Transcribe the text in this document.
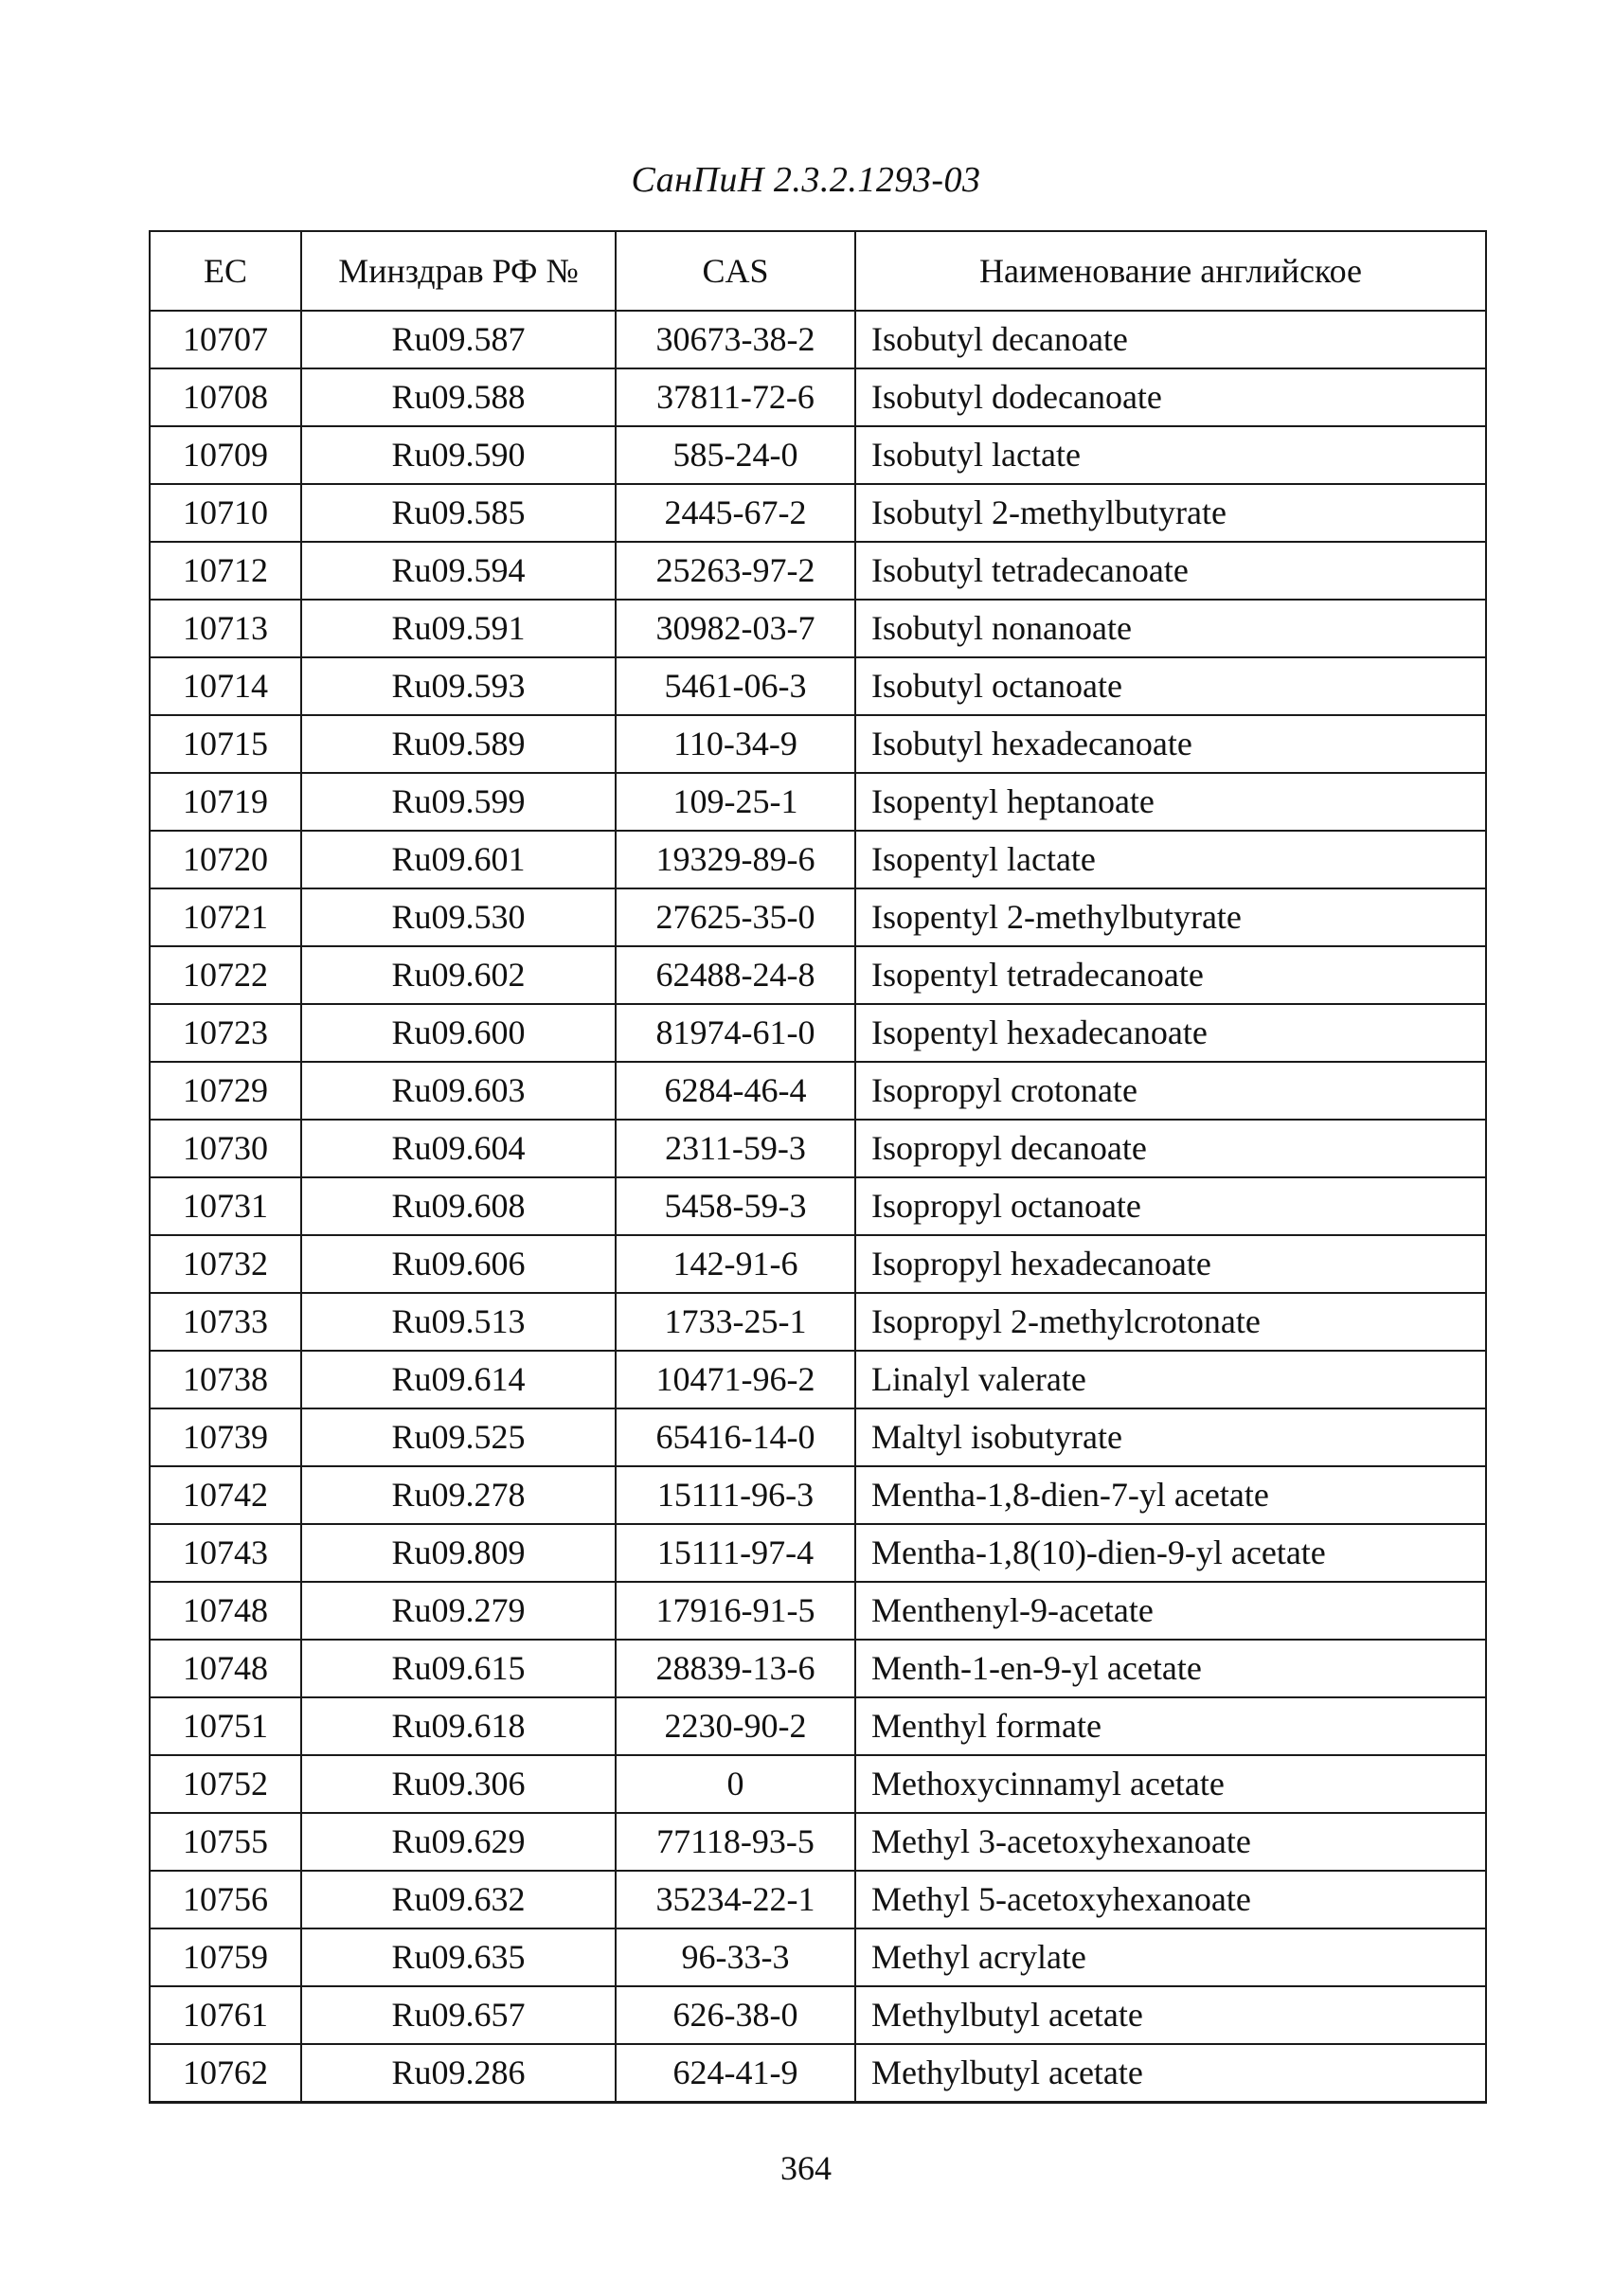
СанПиН 2.3.2.1293-03
EC	Минздрав РФ №	CAS	Наименование английское
10707	Ru09.587	30673-38-2	Isobutyl decanoate
10708	Ru09.588	37811-72-6	Isobutyl dodecanoate
10709	Ru09.590	585-24-0	Isobutyl lactate
10710	Ru09.585	2445-67-2	Isobutyl 2-methylbutyrate
10712	Ru09.594	25263-97-2	Isobutyl tetradecanoate
10713	Ru09.591	30982-03-7	Isobutyl nonanoate
10714	Ru09.593	5461-06-3	Isobutyl octanoate
10715	Ru09.589	110-34-9	Isobutyl hexadecanoate
10719	Ru09.599	109-25-1	Isopentyl heptanoate
10720	Ru09.601	19329-89-6	Isopentyl lactate
10721	Ru09.530	27625-35-0	Isopentyl 2-methylbutyrate
10722	Ru09.602	62488-24-8	Isopentyl tetradecanoate
10723	Ru09.600	81974-61-0	Isopentyl hexadecanoate
10729	Ru09.603	6284-46-4	Isopropyl crotonate
10730	Ru09.604	2311-59-3	Isopropyl decanoate
10731	Ru09.608	5458-59-3	Isopropyl octanoate
10732	Ru09.606	142-91-6	Isopropyl hexadecanoate
10733	Ru09.513	1733-25-1	Isopropyl 2-methylcrotonate
10738	Ru09.614	10471-96-2	Linalyl valerate
10739	Ru09.525	65416-14-0	Maltyl isobutyrate
10742	Ru09.278	15111-96-3	Mentha-1,8-dien-7-yl acetate
10743	Ru09.809	15111-97-4	Mentha-1,8(10)-dien-9-yl acetate
10748	Ru09.279	17916-91-5	Menthenyl-9-acetate
10748	Ru09.615	28839-13-6	Menth-1-en-9-yl acetate
10751	Ru09.618	2230-90-2	Menthyl formate
10752	Ru09.306	0	Methoxycinnamyl acetate
10755	Ru09.629	77118-93-5	Methyl 3-acetoxyhexanoate
10756	Ru09.632	35234-22-1	Methyl 5-acetoxyhexanoate
10759	Ru09.635	96-33-3	Methyl acrylate
10761	Ru09.657	626-38-0	Methylbutyl acetate
10762	Ru09.286	624-41-9	Methylbutyl acetate
364
